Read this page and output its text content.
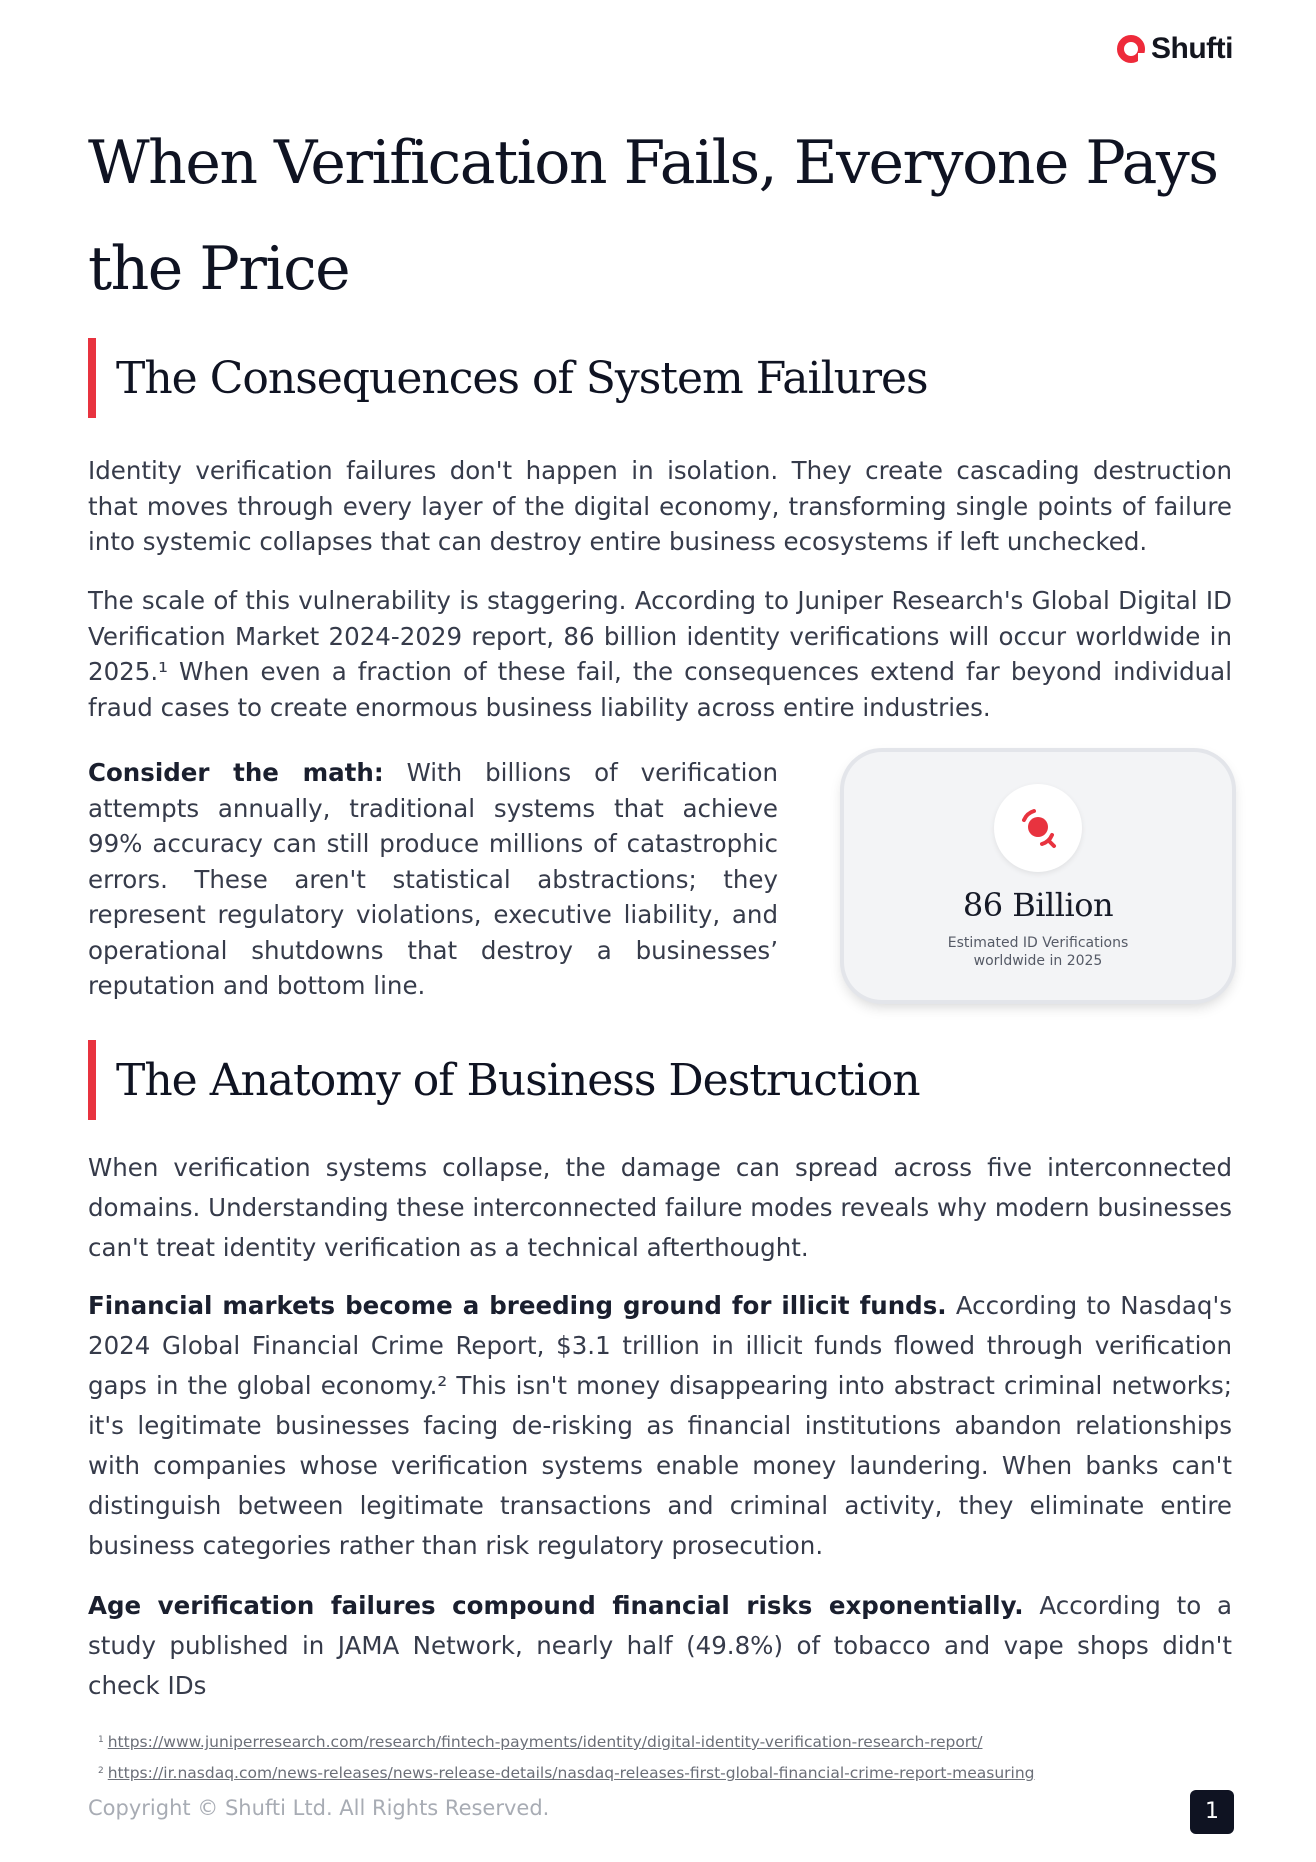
Shufti
When Verification Fails, Everyone Pays the Price
The Consequences of System Failures

Identity verification failures don't happen in isolation. They create cascading destruction that moves through every layer of the digital economy, transforming single points of failure into systemic collapses that can destroy entire business ecosystems if left unchecked.

The scale of this vulnerability is staggering. According to Juniper Research's Global Digital ID Verification Market 2024-2029 report, 86 billion identity verifications will occur worldwide in 2025.¹ When even a fraction of these fail, the consequences extend far beyond individual fraud cases to create enormous business liability across entire industries.

Consider the math: With billions of verification attempts annually, traditional systems that achieve 99% accuracy can still produce millions of catastrophic errors. These aren't statistical abstractions; they represent regulatory violations, executive liability, and operational shutdowns that destroy a businesses’ reputation and bottom line.

86 Billion
Estimated ID Verifications worldwide in 2025
The Anatomy of Business Destruction

When verification systems collapse, the damage can spread across five interconnected domains. Understanding these interconnected failure modes reveals why modern businesses can't treat identity verification as a technical afterthought.

Financial markets become a breeding ground for illicit funds. According to Nasdaq's 2024 Global Financial Crime Report, $3.1 trillion in illicit funds flowed through verification gaps in the global economy.² This isn't money disappearing into abstract criminal networks; it's legitimate businesses facing de-risking as financial institutions abandon relationships with companies whose verification systems enable money laundering. When banks can't distinguish between legitimate transactions and criminal activity, they eliminate entire business categories rather than risk regulatory prosecution.

Age verification failures compound financial risks exponentially. According to a study published in JAMA Network, nearly half (49.8%) of tobacco and vape shops didn't check IDs

$^1$ https://www.juniperresearch.com/research/fintech-payments/identity/digital-identity-verification-research-report/
$^2$ https://ir.nasdaq.com/news-releases/news-release-details/nasdaq-releases-first-global-financial-crime-report-measuring
Copyright © Shufti Ltd. All Rights Reserved.	1
